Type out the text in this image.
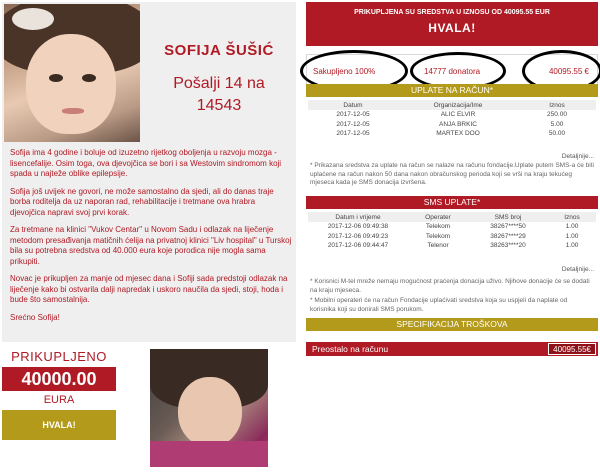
SOFIJA ŠUŠIĆ
Pošalji 14 na
14543

Sofija ima 4 godine i boluje od izuzetno rijetkog oboljenja u razvoju mozga - lisencefalije. Osim toga, ova djevojčica se bori i sa Westovim sindromom koji spada u najteže oblike epilepsije.

Sofija još uvijek ne govori, ne može samostalno da sjedi, ali do danas traje borba roditelja da uz naporan rad, rehabilitacije i tretmane ova hrabra djevojčica napravi svoj prvi korak.

Za tretmane na klinici "Vukov Centar" u Novom Sadu i odlazak na liječenje metodom presađivanja matičnih ćelija na privatnoj klinici "Liv hospital" u Turskoj bila su potrebna sredstva od 40.000 eura koje porodica nije mogla sama prikupiti.

Novac je prikupljen za manje od mjesec dana i Sofiji sada predstoji odlazak na liječenje kako bi ostvarila dalji napredak i uskoro naučila da sjedi, stoji, hoda i bude što samostalnija.

Srećno Sofija!

PRIKUPLJENO
40000.00
EURA
HVALA!
PRIKUPLJENA SU SREDSTVA U IZNOSU OD 40095.55 EUR
HVALA!
Sakupljeno 100%	14777 donatora	40095.55 €
UPLATE NA RAČUN*
Datum	Organizacija/Ime	Iznos
2017-12-05	ALIC ELVIR	250.00
2017-12-05	ANJA BRKIC	5.00
2017-12-05	MARTEX DOO	50.00
Detaljnije...
* Prikazana sredstva za uplate na račun se nalaze na računu fondacije.Uplate putem SMS-a će biti uplaćene na račun nakon 50 dana nakon obračunskog perioda koji se vrši na kraju tekućeg mjeseca kada je SMS donacija izvršena.
SMS UPLATE*
Datum i vrijeme	Operater	SMS broj	Iznos
2017-12-06 09:49:38	Telekom	38267****50	1.00
2017-12-06 09:49:23	Telekom	38267****29	1.00
2017-12-06 09:44:47	Telenor	38263****20	1.00
Detaljnije...
* Korisnici M-tel mreže nemaju mogućnost praćenja donacija uživo. Njihove donacije će se dodati na kraju mjeseca.
* Mobilni operateri će na račun Fondacije uplaćivati sredstva koja su uspjeli da naplate od korisnika koji su donirali SMS porukom.
SPECIFIKACIJA TROŠKOVA
Preostalo na računu	40095.55€
